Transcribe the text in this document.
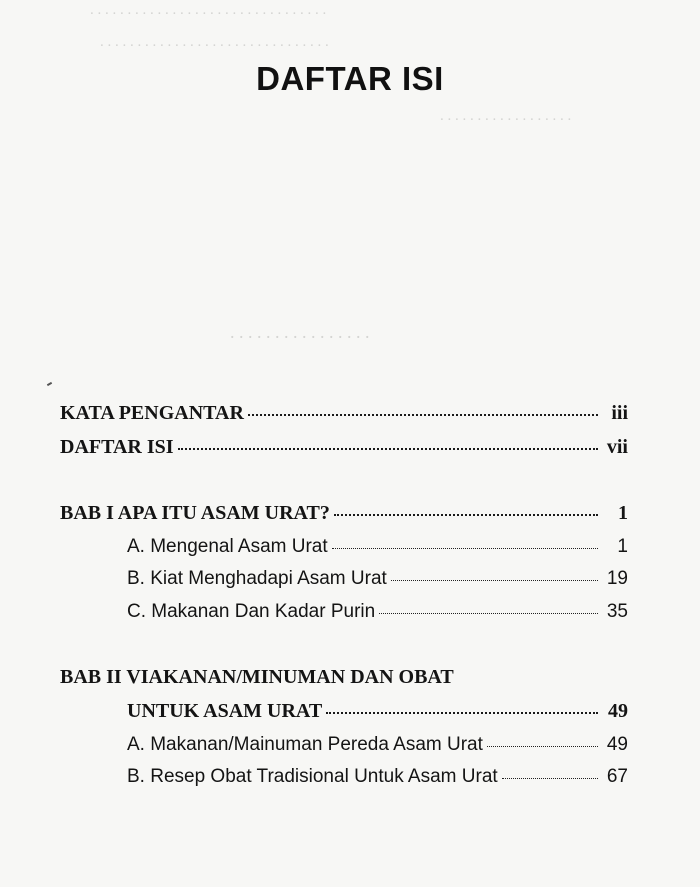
. . . . . . . . . . . . . . . . . . . . . . . . . . . . . . . .
. . . . . . . . . . . . . . . . . . . . . . . . . . . . . . .
. . . . . . . . . . . . . . . . . .
. . . . . . . . . . . . . . . .
DAFTAR ISI
KATA PENGANTAR	iii
DAFTAR ISI	vii
BAB I APA ITU ASAM URAT?	1
A. Mengenal Asam Urat	1
B. Kiat Menghadapi Asam Urat	19
C. Makanan Dan Kadar Purin	35
BAB II VIAKANAN/MINUMAN DAN OBAT
UNTUK ASAM URAT	49
A. Makanan/Mainuman Pereda Asam Urat	49
B. Resep Obat Tradisional Untuk Asam Urat	67
